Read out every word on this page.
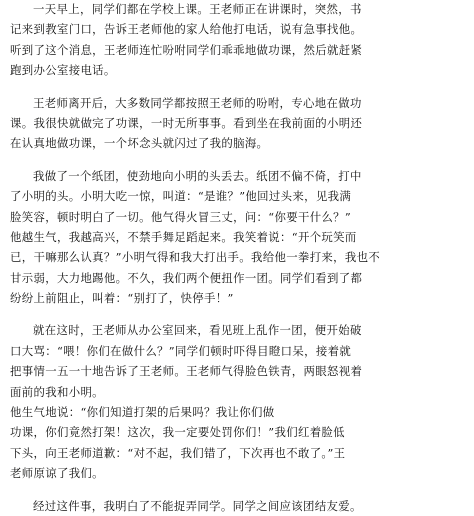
一天早上，同学们都在学校上课。王老师正在讲课时，突然，书
记来到教室门口，告诉王老师他的家人给他打电话，说有急事找他。
听到了这个消息，王老师连忙吩咐同学们乖乖地做功课，然后就赶紧
跑到办公室接电话。
王老师离开后，大多数同学都按照王老师的吩咐，专心地在做功
课。我很快就做完了功课，一时无所事事。看到坐在我前面的小明还
在认真地做功课，一个坏念头就闪过了我的脑海。
我做了一个纸团，使劲地向小明的头丢去。纸团不偏不倚，打中
了小明的头。小明大吃一惊，叫道：“是谁？”他回过头来，见我满
脸笑容，顿时明白了一切。他气得火冒三丈，问：“你要干什么？”
他越生气，我越高兴，不禁手舞足蹈起来。我笑着说：“开个玩笑而
已，干嘛那么认真？”小明气得和我大打出手。我给他一拳打来，我也不
甘示弱，大力地踢他。不久，我们两个便扭作一团。同学们看到了都
纷纷上前阻止，叫着：“别打了，快停手！”
就在这时，王老师从办公室回来，看见班上乱作一团，便开始破
口大骂：“喂！你们在做什么？”同学们顿时吓得目瞪口呆，接着就
把事情一五一十地告诉了王老师。王老师气得脸色铁青，两眼怒视着
面前的我和小明。
他生气地说：“你们知道打架的后果吗？我让你们做
功课，你们竟然打架！这次，我一定要处罚你们！”我们红着脸低
下头，向王老师道歉：“对不起，我们错了，下次再也不敢了。”王
老师原谅了我们。
经过这件事，我明白了不能捉弄同学。同学之间应该团结友爱。
